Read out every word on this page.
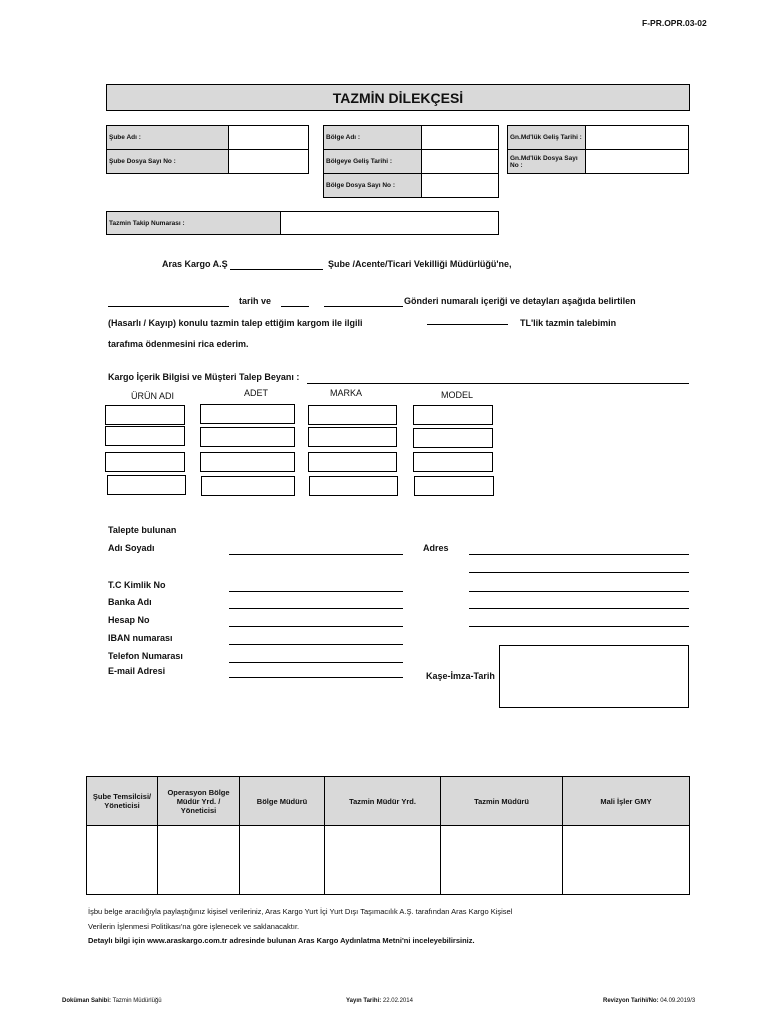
F-PR.OPR.03-02
TAZMİN DİLEKÇESİ
Şube Adı :
Şube Dosya Sayı No :
Bölge Adı :
Bölgeye Geliş Tarihi :
Bölge Dosya Sayı No :
Gn.Md'lük Geliş Tarihi :
Gn.Md'lük Dosya Sayı No :
Tazmin Takip Numarası :
Aras Kargo A.Ş	Şube /Acente/Ticari Vekilliği Müdürlüğü'ne,
tarih ve	Gönderi numaralı içeriği ve detayları aşağıda belirtilen
(Hasarlı / Kayıp) konulu tazmin talep ettiğim kargom ile ilgili	TL'lik tazmin talebimin
tarafıma ödenmesini rica ederim.
Kargo İçerik Bilgisi ve Müşteri Talep Beyanı :
ÜRÜN ADI	ADET	MARKA	MODEL
Talepte bulunan
Adı Soyadı	Adres
T.C Kimlik No
Banka Adı
Hesap No
IBAN numarası
Telefon Numarası
E-mail Adresi	Kaşe-İmza-Tarih
Şube Temsilcisi/ Yöneticisi	Operasyon Bölge Müdür Yrd. / Yöneticisi	Bölge Müdürü	Tazmin Müdür Yrd.	Tazmin Müdürü	Mali İşler GMY

İşbu belge aracılığıyla paylaştığınız kişisel verileriniz, Aras Kargo Yurt İçi Yurt Dışı Taşımacılık A.Ş. tarafından Aras Kargo Kişisel
Verilerin İşlenmesi Politikası'na göre işlenecek ve saklanacaktır.
Detaylı bilgi için www.araskargo.com.tr adresinde bulunan Aras Kargo Aydınlatma Metni'ni inceleyebilirsiniz.
Doküman Sahibi: Tazmin Müdürlüğü	Yayın Tarihi: 22.02.2014	Revizyon Tarihi/No: 04.09.2019/3
